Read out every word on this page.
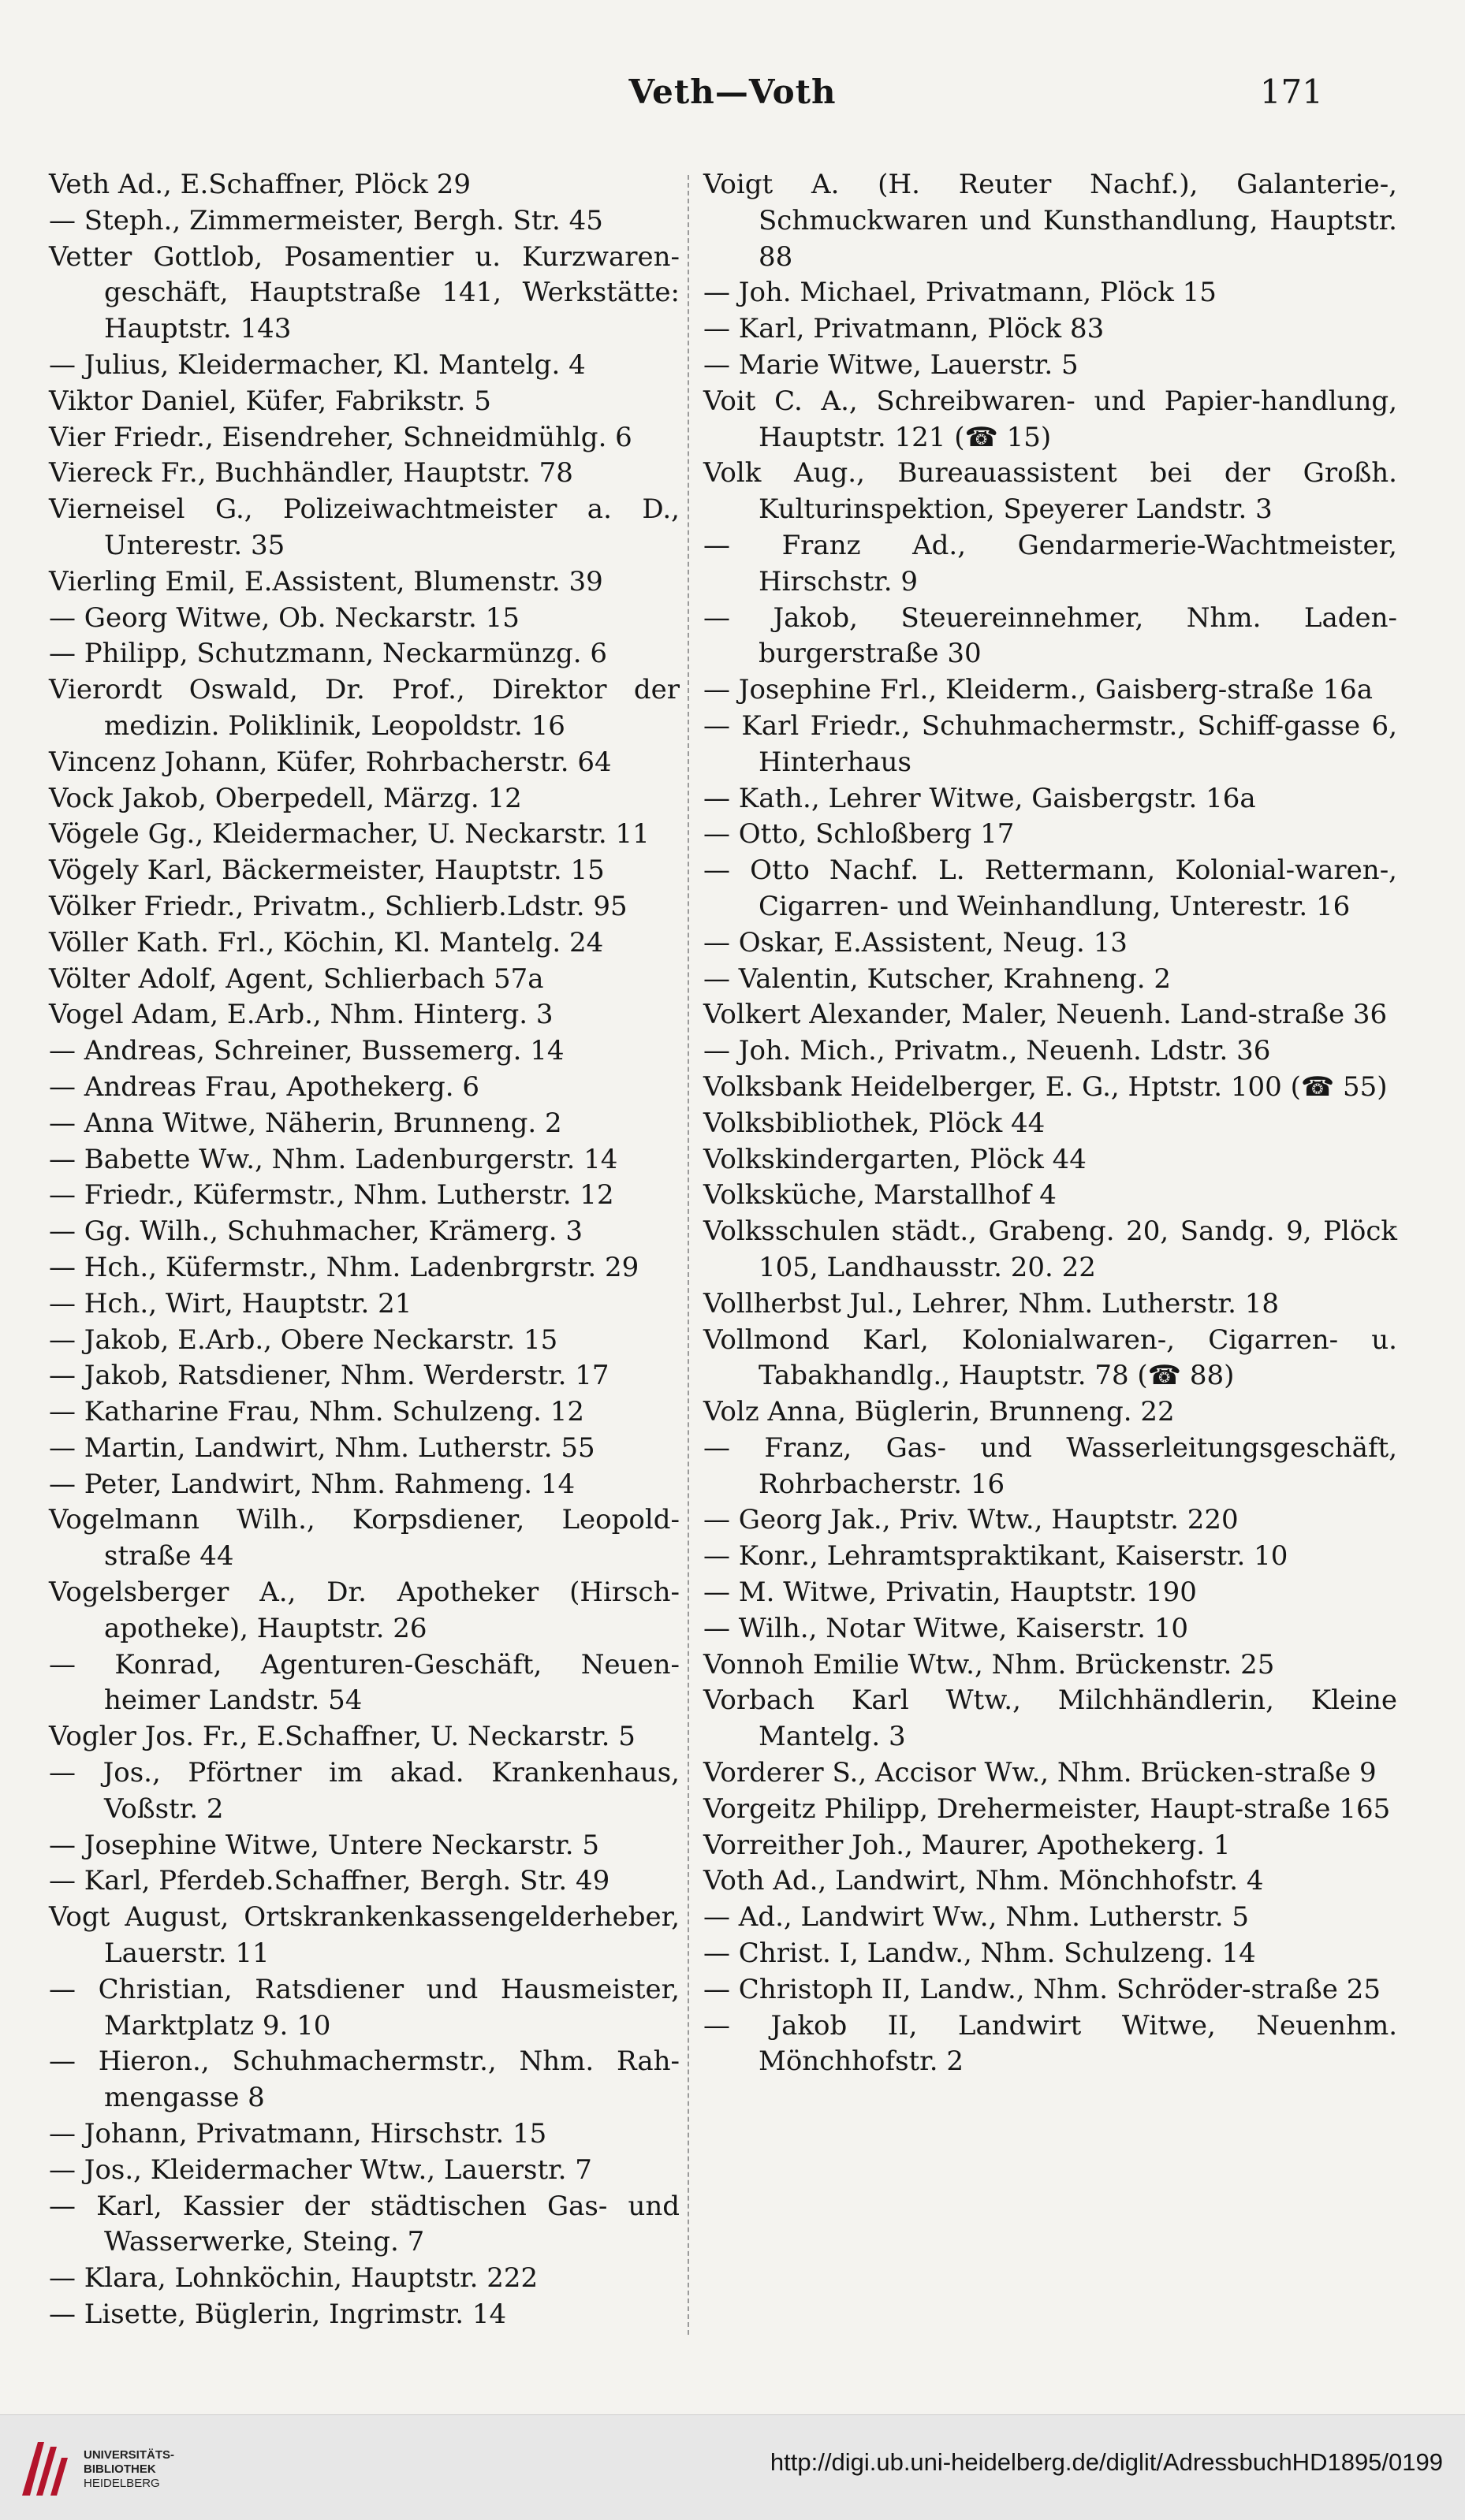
Veth—Voth	171

Veth Ad., E.Schaffner, Plöck 29

— Steph., Zimmermeister, Bergh. Str. 45

Vetter Gottlob, Posamentier u. Kurzwaren-geschäft, Hauptstraße 141, Werkstätte: Hauptstr. 143

— Julius, Kleidermacher, Kl. Mantelg. 4

Viktor Daniel, Küfer, Fabrikstr. 5

Vier Friedr., Eisendreher, Schneidmühlg. 6

Viereck Fr., Buchhändler, Hauptstr. 78

Vierneisel G., Polizeiwachtmeister a. D., Unterestr. 35

Vierling Emil, E.Assistent, Blumenstr. 39

— Georg Witwe, Ob. Neckarstr. 15

— Philipp, Schutzmann, Neckarmünzg. 6

Vierordt Oswald, Dr. Prof., Direktor der medizin. Poliklinik, Leopoldstr. 16

Vincenz Johann, Küfer, Rohrbacherstr. 64

Vock Jakob, Oberpedell, Märzg. 12

Vögele Gg., Kleidermacher, U. Neckarstr. 11

Vögely Karl, Bäckermeister, Hauptstr. 15

Völker Friedr., Privatm., Schlierb.Ldstr. 95

Völler Kath. Frl., Köchin, Kl. Mantelg. 24

Völter Adolf, Agent, Schlierbach 57a

Vogel Adam, E.Arb., Nhm. Hinterg. 3

— Andreas, Schreiner, Bussemerg. 14

— Andreas Frau, Apothekerg. 6

— Anna Witwe, Näherin, Brunneng. 2

— Babette Ww., Nhm. Ladenburgerstr. 14

— Friedr., Küfermstr., Nhm. Lutherstr. 12

— Gg. Wilh., Schuhmacher, Krämerg. 3

— Hch., Küfermstr., Nhm. Ladenbrgrstr. 29

— Hch., Wirt, Hauptstr. 21

— Jakob, E.Arb., Obere Neckarstr. 15

— Jakob, Ratsdiener, Nhm. Werderstr. 17

— Katharine Frau, Nhm. Schulzeng. 12

— Martin, Landwirt, Nhm. Lutherstr. 55

— Peter, Landwirt, Nhm. Rahmeng. 14

Vogelmann Wilh., Korpsdiener, Leopold-straße 44

Vogelsberger A., Dr. Apotheker (Hirsch-apotheke), Hauptstr. 26

— Konrad, Agenturen-Geschäft, Neuen-heimer Landstr. 54

Vogler Jos. Fr., E.Schaffner, U. Neckarstr. 5

— Jos., Pförtner im akad. Krankenhaus, Voßstr. 2

— Josephine Witwe, Untere Neckarstr. 5

— Karl, Pferdeb.Schaffner, Bergh. Str. 49

Vogt August, Ortskrankenkassengelderheber, Lauerstr. 11

— Christian, Ratsdiener und Hausmeister, Marktplatz 9. 10

— Hieron., Schuhmachermstr., Nhm. Rah-mengasse 8

— Johann, Privatmann, Hirschstr. 15

— Jos., Kleidermacher Wtw., Lauerstr. 7

— Karl, Kassier der städtischen Gas- und Wasserwerke, Steing. 7

— Klara, Lohnköchin, Hauptstr. 222

— Lisette, Büglerin, Ingrimstr. 14

Voigt A. (H. Reuter Nachf.), Galanterie-, Schmuckwaren und Kunsthandlung, Hauptstr. 88

— Joh. Michael, Privatmann, Plöck 15

— Karl, Privatmann, Plöck 83

— Marie Witwe, Lauerstr. 5

Voit C. A., Schreibwaren- und Papier-handlung, Hauptstr. 121 (☎ 15)

Volk Aug., Bureauassistent bei der Großh. Kulturinspektion, Speyerer Landstr. 3

— Franz Ad., Gendarmerie-Wachtmeister, Hirschstr. 9

— Jakob, Steuereinnehmer, Nhm. Laden-burgerstraße 30

— Josephine Frl., Kleiderm., Gaisberg-straße 16a

— Karl Friedr., Schuhmachermstr., Schiff-gasse 6, Hinterhaus

— Kath., Lehrer Witwe, Gaisbergstr. 16a

— Otto, Schloßberg 17

— Otto Nachf. L. Rettermann, Kolonial-waren-, Cigarren- und Weinhandlung, Unterestr. 16

— Oskar, E.Assistent, Neug. 13

— Valentin, Kutscher, Krahneng. 2

Volkert Alexander, Maler, Neuenh. Land-straße 36

— Joh. Mich., Privatm., Neuenh. Ldstr. 36

Volksbank Heidelberger, E. G., Hptstr. 100 (☎ 55)

Volksbibliothek, Plöck 44

Volkskindergarten, Plöck 44

Volksküche, Marstallhof 4

Volksschulen städt., Grabeng. 20, Sandg. 9, Plöck 105, Landhausstr. 20. 22

Vollherbst Jul., Lehrer, Nhm. Lutherstr. 18

Vollmond Karl, Kolonialwaren-, Cigarren- u. Tabakhandlg., Hauptstr. 78 (☎ 88)

Volz Anna, Büglerin, Brunneng. 22

— Franz, Gas- und Wasserleitungsgeschäft, Rohrbacherstr. 16

— Georg Jak., Priv. Wtw., Hauptstr. 220

— Konr., Lehramtspraktikant, Kaiserstr. 10

— M. Witwe, Privatin, Hauptstr. 190

— Wilh., Notar Witwe, Kaiserstr. 10

Vonnoh Emilie Wtw., Nhm. Brückenstr. 25

Vorbach Karl Wtw., Milchhändlerin, Kleine Mantelg. 3

Vorderer S., Accisor Ww., Nhm. Brücken-straße 9

Vorgeitz Philipp, Drehermeister, Haupt-straße 165

Vorreither Joh., Maurer, Apothekerg. 1

Voth Ad., Landwirt, Nhm. Mönchhofstr. 4

— Ad., Landwirt Ww., Nhm. Lutherstr. 5

— Christ. I, Landw., Nhm. Schulzeng. 14

— Christoph II, Landw., Nhm. Schröder-straße 25

— Jakob II, Landwirt Witwe, Neuenhm. Mönchhofstr. 2

UNIVERSITÄTS-
BIBLIOTHEK
HEIDELBERG
http://digi.ub.uni-heidelberg.de/diglit/AdressbuchHD1895/0199
